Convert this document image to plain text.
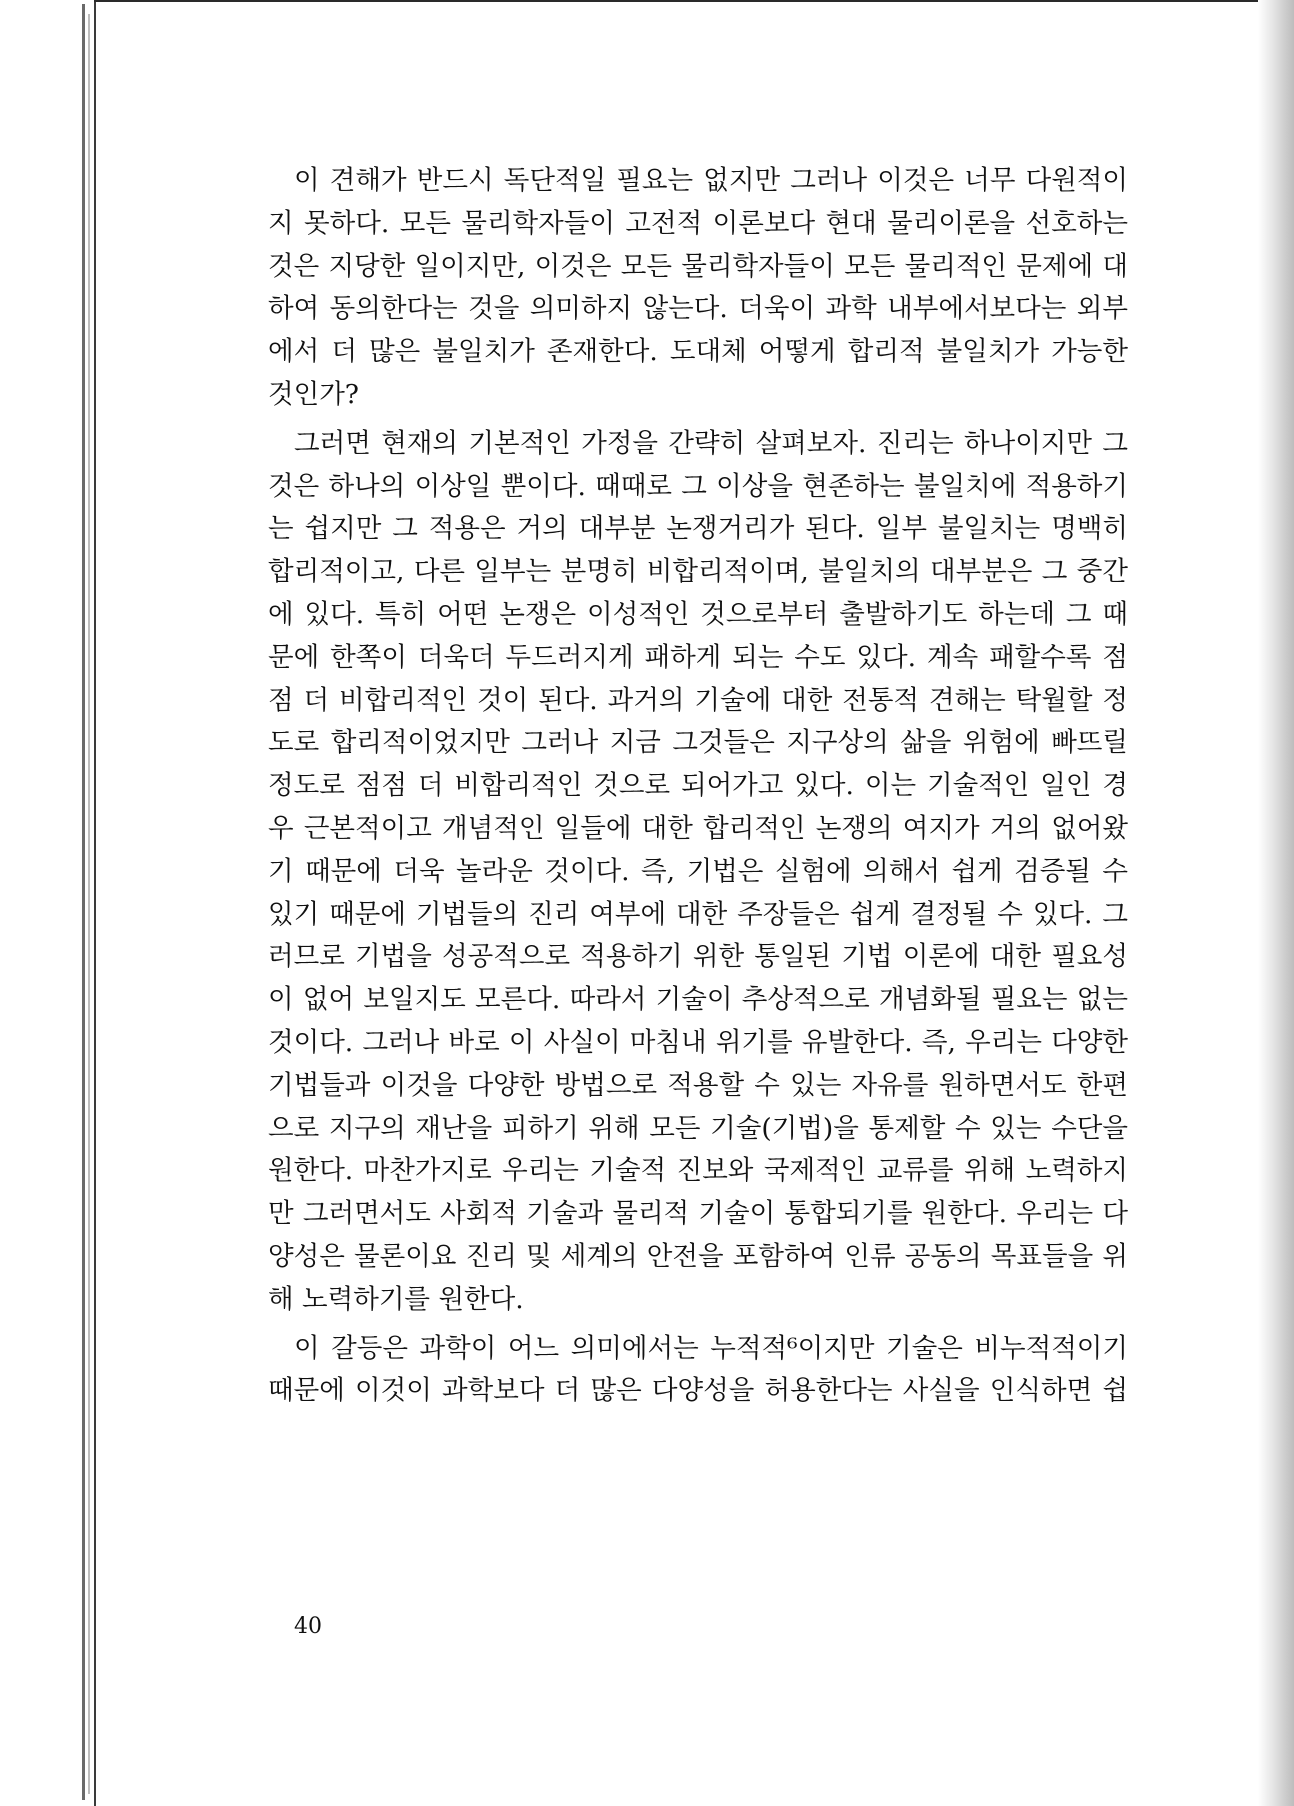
이 견해가 반드시 독단적일 필요는 없지만 그러나 이것은 너무 다원적이지 못하다. 모든 물리학자들이 고전적 이론보다 현대 물리이론을 선호하는 것은 지당한 일이지만, 이것은 모든 물리학자들이 모든 물리적인 문제에 대하여 동의한다는 것을 의미하지 않는다. 더욱이 과학 내부에서보다는 외부에서 더 많은 불일치가 존재한다. 도대체 어떻게 합리적 불일치가 가능한 것인가?

그러면 현재의 기본적인 가정을 간략히 살펴보자. 진리는 하나이지만 그것은 하나의 이상일 뿐이다. 때때로 그 이상을 현존하는 불일치에 적용하기는 쉽지만 그 적용은 거의 대부분 논쟁거리가 된다. 일부 불일치는 명백히 합리적이고, 다른 일부는 분명히 비합리적이며, 불일치의 대부분은 그 중간에 있다. 특히 어떤 논쟁은 이성적인 것으로부터 출발하기도 하는데 그 때문에 한쪽이 더욱더 두드러지게 패하게 되는 수도 있다. 계속 패할수록 점점 더 비합리적인 것이 된다. 과거의 기술에 대한 전통적 견해는 탁월할 정도로 합리적이었지만 그러나 지금 그것들은 지구상의 삶을 위험에 빠뜨릴 정도로 점점 더 비합리적인 것으로 되어가고 있다. 이는 기술적인 일인 경우 근본적이고 개념적인 일들에 대한 합리적인 논쟁의 여지가 거의 없어왔기 때문에 더욱 놀라운 것이다. 즉, 기법은 실험에 의해서 쉽게 검증될 수 있기 때문에 기법들의 진리 여부에 대한 주장들은 쉽게 결정될 수 있다. 그러므로 기법을 성공적으로 적용하기 위한 통일된 기법 이론에 대한 필요성이 없어 보일지도 모른다. 따라서 기술이 추상적으로 개념화될 필요는 없는 것이다. 그러나 바로 이 사실이 마침내 위기를 유발한다. 즉, 우리는 다양한 기법들과 이것을 다양한 방법으로 적용할 수 있는 자유를 원하면서도 한편으로 지구의 재난을 피하기 위해 모든 기술(기법)을 통제할 수 있는 수단을 원한다. 마찬가지로 우리는 기술적 진보와 국제적인 교류를 위해 노력하지만 그러면서도 사회적 기술과 물리적 기술이 통합되기를 원한다. 우리는 다양성은 물론이요 진리 및 세계의 안전을 포함하여 인류 공동의 목표들을 위해 노력하기를 원한다.

이 갈등은 과학이 어느 의미에서는 누적적⁶이지만 기술은 비누적적이기 때문에 이것이 과학보다 더 많은 다양성을 허용한다는 사실을 인식하면 쉽

40
